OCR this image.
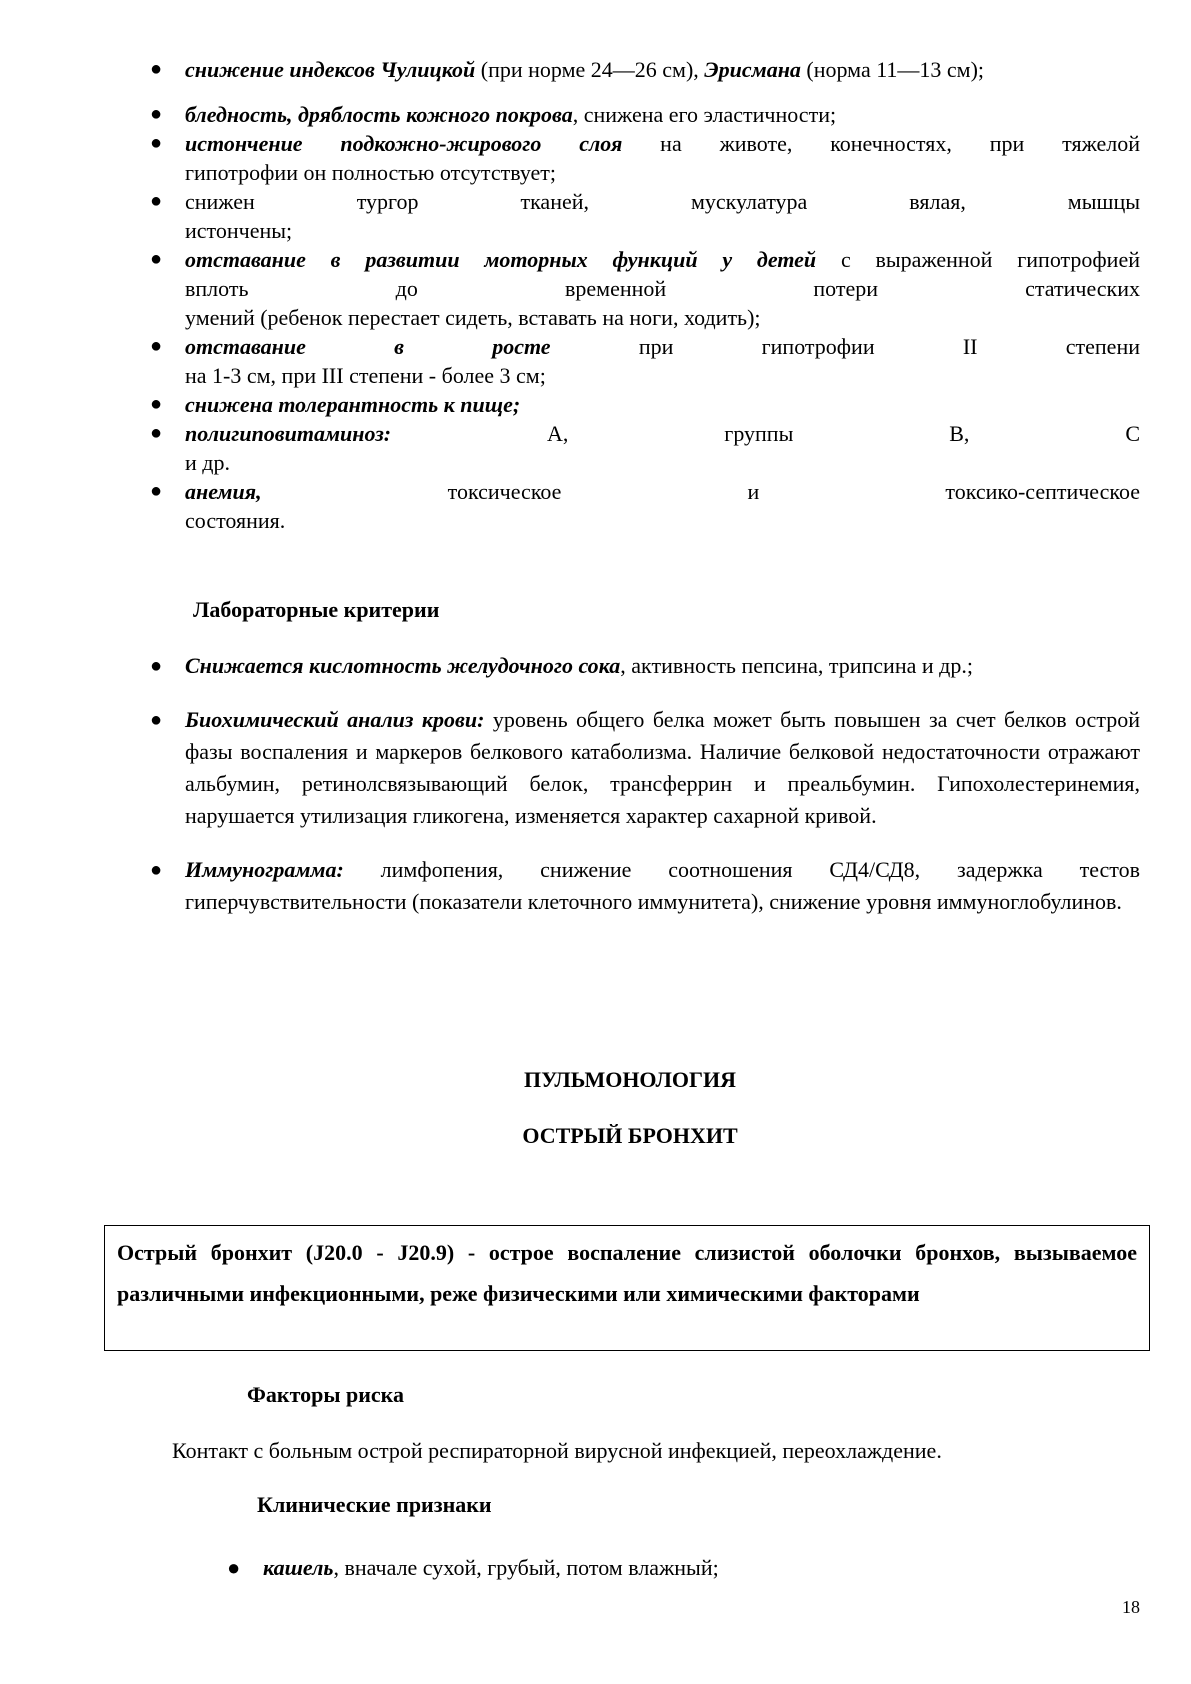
● снижение индексов Чулицкой (при норме 24—26 см), Эрисмана (норма 11—13 см);
● бледность, дряблость кожного покрова, снижена его эластичности;
● истончение подкожно-жирового слоя на животе, конечностях, при тяжелой
гипотрофии он полностью отсутствует;
● снижен тургор тканей, мускулатура вялая, мышцы
истончены;
● отставание в развитии моторных функций у детей с выраженной гипотрофией
вплоть до временной потери статических
умений (ребенок перестает сидеть, вставать на ноги, ходить);
● отставание в росте при гипотрофии II степени
на 1-3 см, при III степени - более 3 см;
● снижена толерантность к пище;
● полигиповитаминоз: А, группы В, С
и др.
● анемия, токсическое и токсико-септическое
состояния.
Лабораторные критерии
● Снижается кислотность желудочного сока, активность пепсина, трипсина и др.;
● Биохимический анализ крови: уровень общего белка может быть повышен за счет белков острой фазы воспаления и маркеров белкового катаболизма. Наличие белковой недостаточности отражают альбумин, ретинолсвязывающий белок, трансферрин и преальбумин. Гипохолестеринемия, нарушается утилизация гликогена, изменяется характер сахарной кривой.
● Иммунограмма: лимфопения, снижение соотношения СД4/СД8, задержка тестов гиперчувствительности (показатели клеточного иммунитета), снижение уровня иммуноглобулинов.
ПУЛЬМОНОЛОГИЯ
ОСТРЫЙ БРОНХИТ
Острый бронхит (J20.0 - J20.9) - острое воспаление слизистой оболочки бронхов, вызываемое различными инфекционными, реже физическими или химическими факторами
Факторы риска
Контакт с больным острой респираторной вирусной инфекцией, переохлаждение.
Клинические признаки
● кашель, вначале сухой, грубый, потом влажный;
18
